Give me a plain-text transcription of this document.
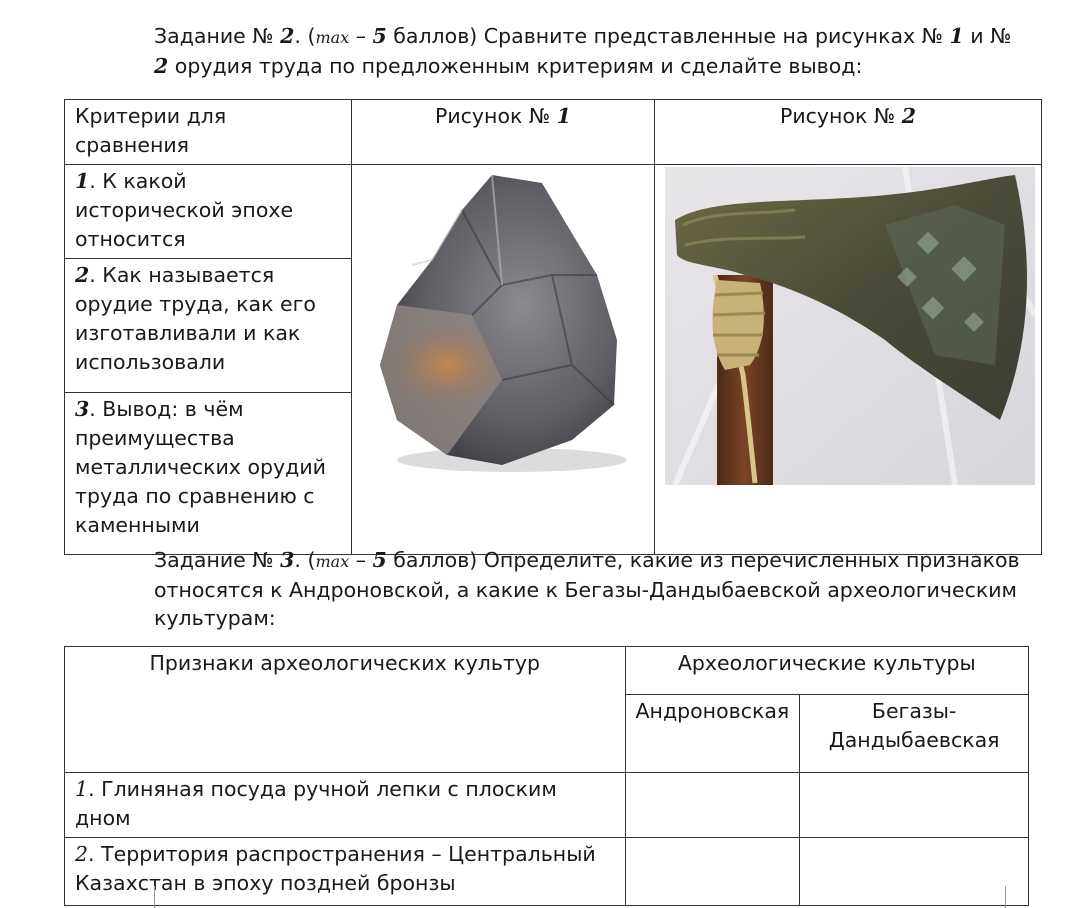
Задание № 2. (max – 5 баллов) Сравните представленные на рисунках № 1 и № 2 орудия труда по предложенным критериям и сделайте вывод:

Критерии для сравнения	Рисунок № 1	Рисунок № 2
1. К какой исторической эпохе относится		
2. Как называется орудие труда, как его изготавливали и как использовали		
3. Вывод: в чём преимущества металлических орудий труда по сравнению с каменными		

Задание № 3. (max – 5 баллов) Определите, какие из перечисленных признаков относятся к Андроновской, а какие к Бегазы-Дандыбаевской археологическим культурам:

Признаки археологических культур	Археологические культуры	
	Андроновская	Бегазы-Дандыбаевская
1. Глиняная посуда ручной лепки с плоским дном		
2. Территория распространения – Центральный Казахстан в эпоху поздней бронзы		
